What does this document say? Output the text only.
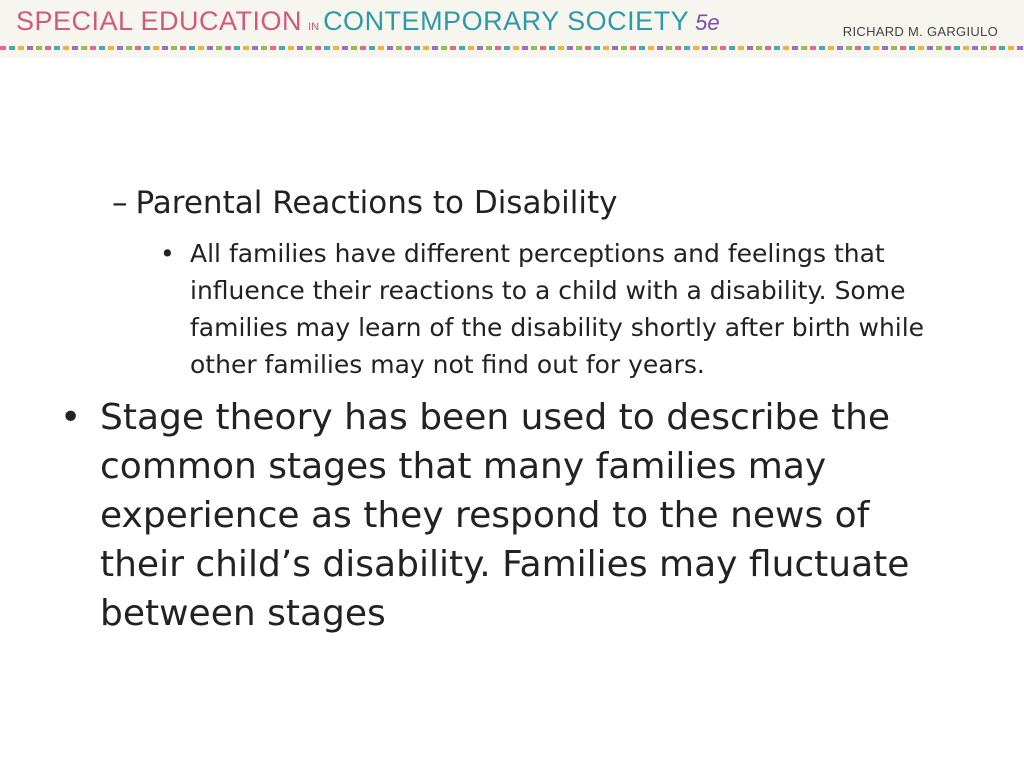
SPECIAL EDUCATION IN CONTEMPORARY SOCIETY 5e	RICHARD M. GARGIULO
– Parental Reactions to Disability
• All families have different perceptions and feelings that influence their reactions to a child with a disability. Some families may learn of the disability shortly after birth while other families may not find out for years.
• Stage theory has been used to describe the common stages that many families may experience as they respond to the news of their child’s disability. Families may fluctuate between stages
